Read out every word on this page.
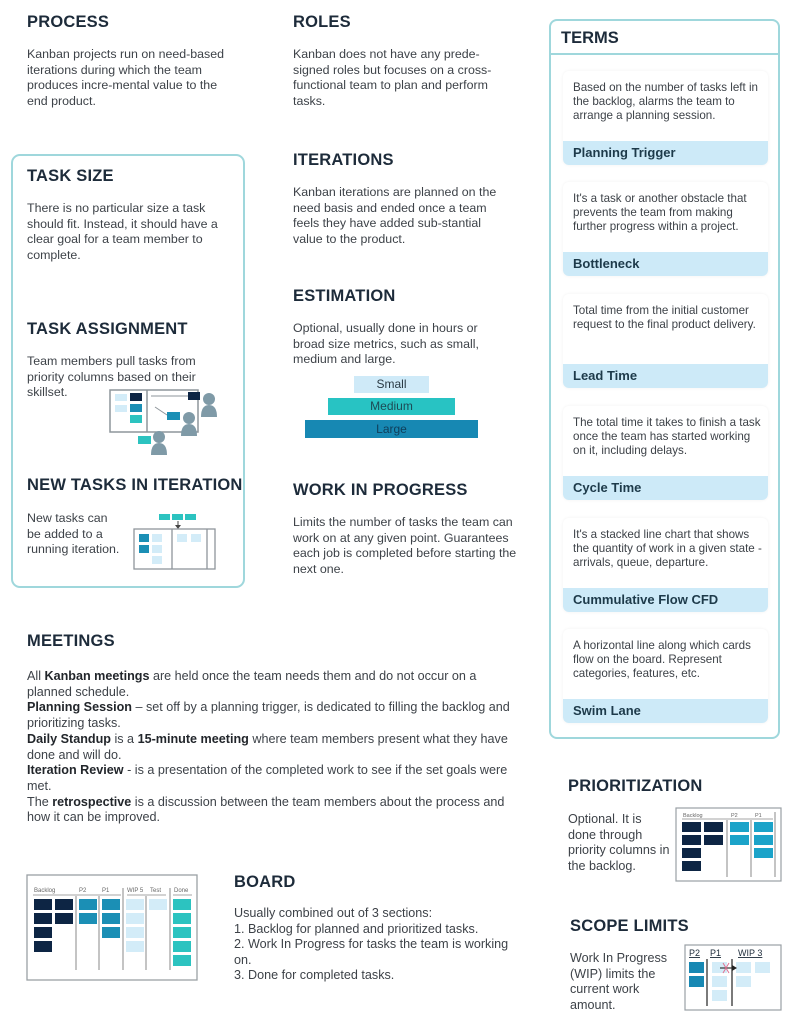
PROCESS

Kanban projects run on need-based iterations during which the team produces incre-mental value to the end product.

ROLES

Kanban does not have any prede-signed roles but focuses on a cross-functional team to plan and perform tasks.

ITERATIONS

Kanban iterations are planned on the need basis and ended once a team feels they have added sub-stantial value to the product.

ESTIMATION

Optional, usually done in hours or broad size metrics, such as small, medium and large.

Small
Medium
Large
WORK IN PROGRESS

Limits the number of tasks the team can work on at any given point. Guarantees each job is completed before starting the next one.

TASK SIZE

There is no particular size a task should fit. Instead, it should have a clear goal for a team member to complete.

TASK ASSIGNMENT

Team members pull tasks from priority columns based on their skillset.

NEW TASKS IN ITERATION

New tasks can be added to a running iteration.

TERMS
Based on the number of tasks left in the backlog, alarms the team to arrange a planning session.
Planning Trigger
It's a task or another obstacle that prevents the team from making further progress within a project.
Bottleneck
Total time from the initial customer request to the final product delivery.
Lead Time
The total time it takes to finish a task once the team has started working on it, including delays.
Cycle Time
It's a stacked line chart that shows the quantity of work in a given state - arrivals, queue, departure.
Cummulative Flow CFD
A horizontal line along which cards flow on the board. Represent categories, features, etc.
Swim Lane
MEETINGS
All Kanban meetings are held once the team needs them and do not occur on a planned schedule.
Planning Session – set off by a planning trigger, is dedicated to filling the backlog and prioritizing tasks.
Daily Standup is a 15-minute meeting where team members present what they have done and will do.
Iteration Review - is a presentation of the completed work to see if the set goals were met.
The retrospective is a discussion between the team members about the process and how it can be improved.
Backlog	P2	P1	WIP 5 Test Done	BOARD
Usually combined out of 3 sections:
1. Backlog for planned and prioritized tasks.
2. Work In Progress for tasks the team is working on.
3. Done for completed tasks.
PRIORITIZATION

Optional. It is done through priority columns in the backlog.

Backlog	P2	P1
SCOPE LIMITS

Work In Progress (WIP) limits the current work amount.

P2 P1 WIP 3
